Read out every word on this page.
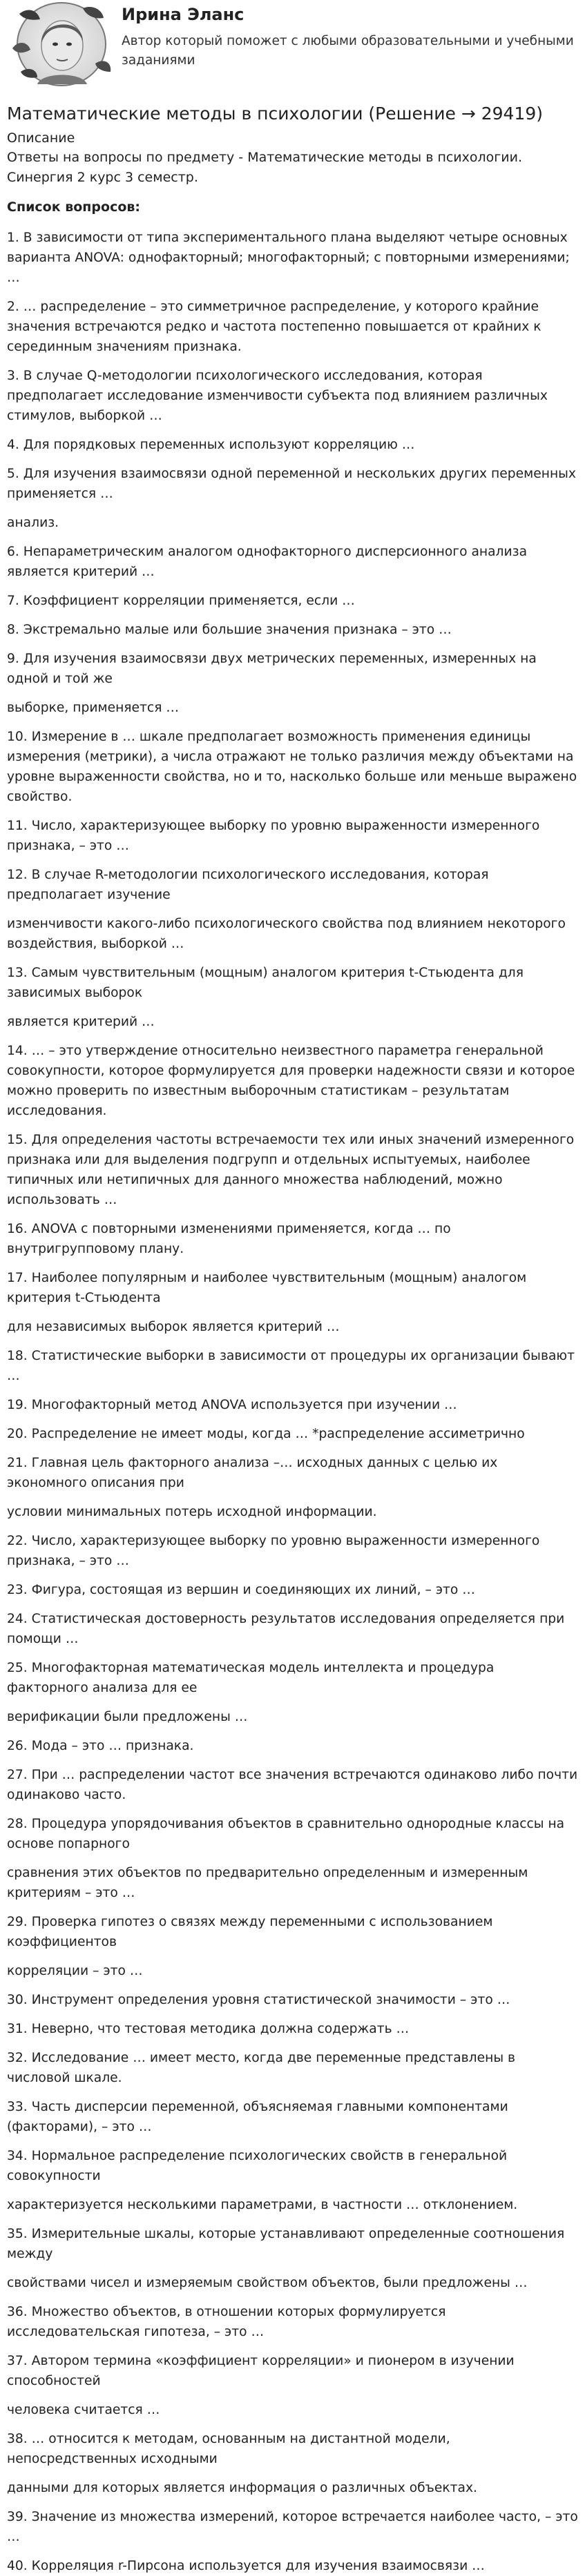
Ирина Эланс
Автор который поможет с любыми образовательными и учебными заданиями
Математические методы в психологии (Решение → 29419)
Описание
Ответы на вопросы по предмету - Математические методы в психологии. Синергия 2 курс 3 семестр.
Список вопросов:
1. В зависимости от типа экспериментального плана выделяют четыре основных варианта ANOVA: однофакторный; многофакторный; с повторными измерениями; …
2. … распределение – это симметричное распределение, у которого крайние значения встречаются редко и частота постепенно повышается от крайних к серединным значениям признака.
3. В случае Q-методологии психологического исследования, которая предполагает исследование изменчивости субъекта под влиянием различных стимулов, выборкой …
4. Для порядковых переменных используют корреляцию …
5. Для изучения взаимосвязи одной переменной и нескольких других переменных применяется …
анализ.
6. Непараметрическим аналогом однофакторного дисперсионного анализа является критерий …
7. Коэффициент корреляции применяется, если …
8. Экстремально малые или большие значения признака – это …
9. Для изучения взаимосвязи двух метрических переменных, измеренных на одной и той же
выборке, применяется …
10. Измерение в … шкале предполагает возможность применения единицы измерения (метрики), а числа отражают не только различия между объектами на уровне выраженности свойства, но и то, насколько больше или меньше выражено свойство.
11. Число, характеризующее выборку по уровню выраженности измеренного признака, – это …
12. В случае R-методологии психологического исследования, которая предполагает изучение
изменчивости какого-либо психологического свойства под влиянием некоторого воздействия, выборкой …
13. Самым чувствительным (мощным) аналогом критерия t-Стьюдента для зависимых выборок
является критерий …
14. … – это утверждение относительно неизвестного параметра генеральной совокупности, которое формулируется для проверки надежности связи и которое можно проверить по известным выборочным статистикам – результатам исследования.
15. Для определения частоты встречаемости тех или иных значений измеренного признака или для выделения подгрупп и отдельных испытуемых, наиболее типичных или нетипичных для данного множества наблюдений, можно использовать …
16. ANOVA с повторными изменениями применяется, когда … по внутригрупповому плану.
17. Наиболее популярным и наиболее чувствительным (мощным) аналогом критерия t-Стьюдента
для независимых выборок является критерий …
18. Статистические выборки в зависимости от процедуры их организации бывают …
19. Многофакторный метод ANOVA используется при изучении …
20. Распределение не имеет моды, когда … *распределение ассиметрично
21. Главная цель факторного анализа –… исходных данных с целью их экономного описания при
условии минимальных потерь исходной информации.
22. Число, характеризующее выборку по уровню выраженности измеренного признака, – это …
23. Фигура, состоящая из вершин и соединяющих их линий, – это …
24. Статистическая достоверность результатов исследования определяется при помощи …
25. Многофакторная математическая модель интеллекта и процедура факторного анализа для ее
верификации были предложены …
26. Мода – это … признака.
27. При … распределении частот все значения встречаются одинаково либо почти одинаково часто.
28. Процедура упорядочивания объектов в сравнительно однородные классы на основе попарного
сравнения этих объектов по предварительно определенным и измеренным критериям – это …
29. Проверка гипотез о связях между переменными с использованием коэффициентов
корреляции – это …
30. Инструмент определения уровня статистической значимости – это …
31. Неверно, что тестовая методика должна содержать …
32. Исследование … имеет место, когда две переменные представлены в числовой шкале.
33. Часть дисперсии переменной, объясняемая главными компонентами (факторами), – это …
34. Нормальное распределение психологических свойств в генеральной совокупности
характеризуется несколькими параметрами, в частности … отклонением.
35. Измерительные шкалы, которые устанавливают определенные соотношения между
свойствами чисел и измеряемым свойством объектов, были предложены …
36. Множество объектов, в отношении которых формулируется исследовательская гипотеза, – это …
37. Автором термина «коэффициент корреляции» и пионером в изучении способностей
человека считается …
38. … относится к методам, основанным на дистантной модели, непосредственных исходными
данными для которых является информация о различных объектах.
39. Значение из множества измерений, которое встречается наиболее часто, – это …
40. Корреляция r-Пирсона используется для изучения взаимосвязи …
